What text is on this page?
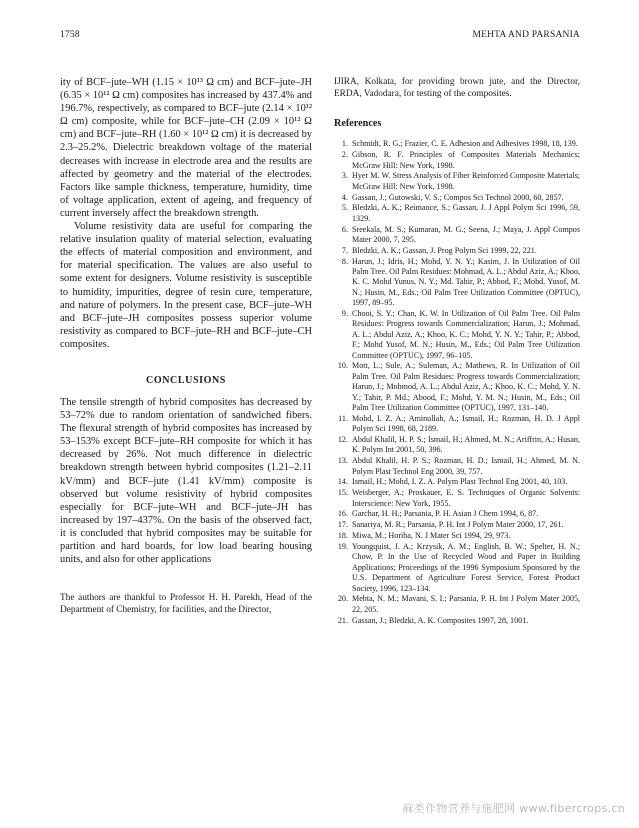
1758	MEHTA AND PARSANIA

ity of BCF–jute–WH (1.15 × 10¹³ Ω cm) and BCF–jute–JH (6.35 × 10¹² Ω cm) composites has increased by 437.4% and 196.7%, respectively, as compared to BCF–jute (2.14 × 10¹² Ω cm) composite, while for BCF–jute–CH (2.09 × 10¹² Ω cm) and BCF–jute–RH (1.60 × 10¹² Ω cm) it is decreased by 2.3–25.2%. Dielectric breakdown voltage of the material decreases with increase in electrode area and the results are affected by geometry and the material of the electrodes. Factors like sample thickness, temperature, humidity, time of voltage application, extent of ageing, and frequency of current inversely affect the breakdown strength.

Volume resistivity data are useful for comparing the relative insulation quality of material selection, evaluating the effects of material composition and environment, and for material specification. The values are also useful to some extent for designers. Volume resistivity is susceptible to humidity, impurities, degree of resin cure, temperature, and nature of polymers. In the present case, BCF–jute–WH and BCF–jute–JH composites possess superior volume resistivity as compared to BCF–jute–RH and BCF–jute–CH composites.

CONCLUSIONS

The tensile strength of hybrid composites has decreased by 53–72% due to random orientation of sandwiched fibers. The flexural strength of hybrid composites has increased by 53–153% except BCF–jute–RH composite for which it has decreased by 26%. Not much difference in dielectric breakdown strength between hybrid composites (1.21–2.11 kV/mm) and BCF–jute (1.41 kV/mm) composite is observed but volume resistivity of hybrid composites especially for BCF–jute–WH and BCF–jute–JH has increased by 197–437%. On the basis of the observed fact, it is concluded that hybrid composites may be suitable for partition and hard boards, for low load bearing housing units, and also for other applications

The authors are thankful to Professor H. H. Parekh, Head of the Department of Chemistry, for facilities, and the Director,

IJIRA, Kolkata, for providing brown jute, and the Director, ERDA, Vadodara, for testing of the composites.

References
1. Schmidt, R. G.; Frazier, C. E. Adhesion and Adhesives 1998, 18, 139.
2. Gibson, R. F. Principles of Composites Materials Mechanics; McGraw Hill: New York, 1998.
3. Hyer M. W. Stress Analysis of Fiber Reinforced Composite Materials; McGraw Hill: New York, 1998.
4. Gassan, J.; Gutowski, V. S.; Compos Sci Technol 2000, 60, 2857.
5. Bledzki, A. K.; Reimance, S.; Gassan, J. J Appl Polym Sci 1996, 59, 1329.
6. Sreekala, M. S.; Kumaran, M. G.; Seena, J.; Maya, J. Appl Compos Mater 2000, 7, 295.
7. Bledzki, A. K.; Gassan, J. Prog Polym Sci 1999, 22, 221.
8. Harun, J.; Idris, H.; Mohd, Y. N. Y.; Kasim, J. In Utilization of Oil Palm Tree. Oil Palm Residues: Mohmad, A. L.; Abdul Aziz, A.; Khoo, K. C. Mohd Yunus, N. Y.; Md. Tahir, P.; Abbod, F.; Mohd. Yusof, M. N.; Husin, M., Eds.; Oil Palm Tree Utilization Committee (OPTUC), 1997, 89–95.
9. Chooi, S. Y.; Chan, K. W. In Utilization of Oil Palm Tree. Oil Palm Residues: Progress towards Commercialization; Harun, J.; Mohmad, A. L.; Abdul Aziz, A.; Khoo, K. C.; Mohd, Y. N. Y.; Tahir, P.; Abbod, F.; Mohd Yusof, M. N.; Husin, M., Eds.; Oil Palm Tree Utilization Committee (OPTUC), 1997, 96–105.
10. Mott, L.; Sule, A.; Suleman, A.; Mathews, R. In Utilization of Oil Palm Tree. Oil Palm Residues: Progress towards Commercialization; Harun, J.; Mohmod, A. L.; Abdul Aziz, A.; Khoo, K. C.; Mohd, Y. N. Y.; Tahir, P. Md.; Abood, F.; Mohd, Y. M. N.; Husin, M., Eds.; Oil Palm Tree Utilization Committee (OPTUC), 1997, 131–140.
11. Mohd, I. Z. A.; Aminullah, A.; Ismail, H.; Rozman, H. D. J Appl Polym Sci 1998, 68, 2189.
12. Abdul Khalil, H. P. S.; Ismail, H.; Ahmed, M. N.; Ariffrin, A.; Husan, K. Polym Int 2001, 50, 396.
13. Abdul Khalil, H. P. S.; Rozman, H. D.; Ismail, H.; Ahmed, M. N. Polym Plast Technol Eng 2000, 39, 757.
14. Ismail, H.; Mohd, I. Z. A. Polym Plast Technol Eng 2001, 40, 103.
15. Weisberger, A.; Proskauer, E. S. Techniques of Organic Solvents: Interscience: New York, 1955.
16. Garchar, H. H.; Parsania, P. H. Asian J Chem 1994, 6, 87.
17. Sanariya, M. R.; Parsania, P. H. Int J Polym Mater 2000, 17, 261.
18. Miwa, M.; Horiba, N. J Mater Sci 1994, 29, 973.
19. Youngquist, J. A.; Krzysik, A. M.; English, B. W.; Spelter, H. N.; Chow, P. In the Use of Recycled Wood and Paper in Building Applications; Proceedings of the 1996 Symposium Sponsored by the U.S. Department of Agriculture Forest Service, Forest Product Society, 1996, 123–134.
20. Mehta, N. M.; Mavani, S. I.; Parsania, P. H. Int J Polym Mater 2005, 22, 205.
21. Gassan, J.; Bledzki, A. K. Composites 1997, 28, 1001.
麻类作物营养与施肥网 www.fibercrops.cn
